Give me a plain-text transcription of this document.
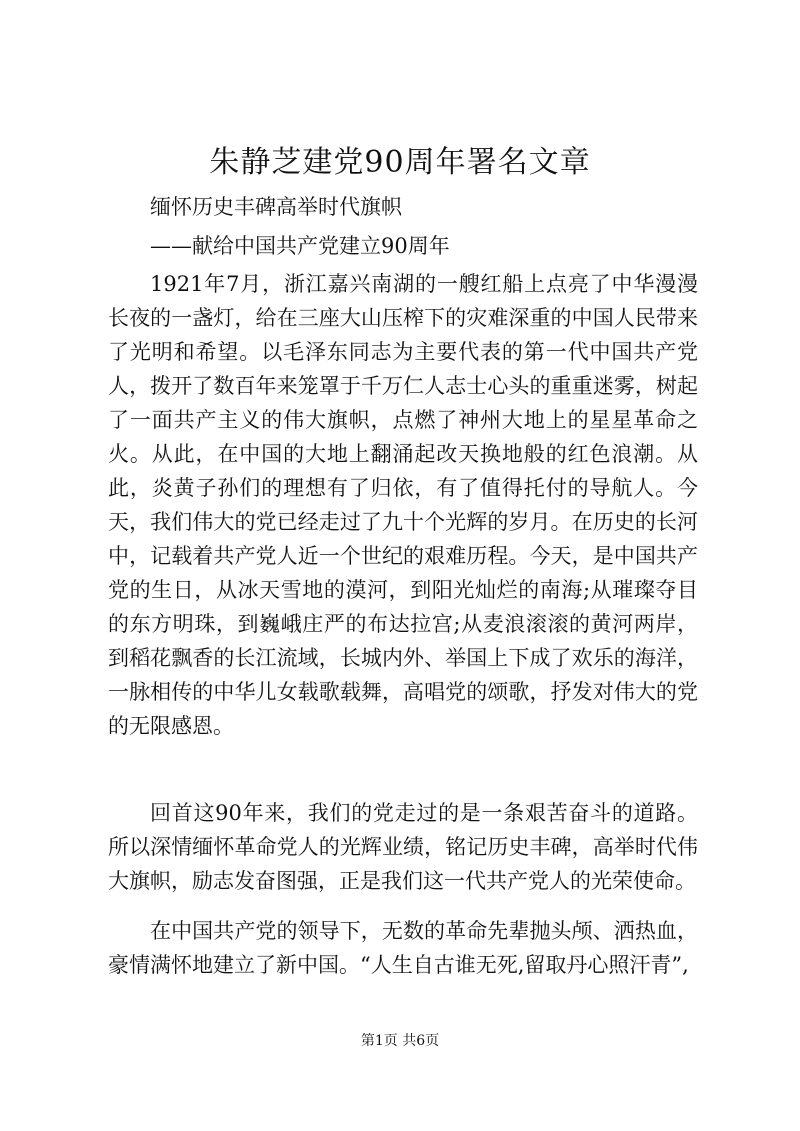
朱静芝建党90周年署名文章

缅怀历史丰碑高举时代旗帜

——献给中国共产党建立90周年

1921年7月，浙江嘉兴南湖的一艘红船上点亮了中华漫漫长夜的一盏灯，给在三座大山压榨下的灾难深重的中国人民带来了光明和希望。以毛泽东同志为主要代表的第一代中国共产党人，拨开了数百年来笼罩于千万仁人志士心头的重重迷雾，树起了一面共产主义的伟大旗帜，点燃了神州大地上的星星革命之火。从此，在中国的大地上翻涌起改天换地般的红色浪潮。从此，炎黄子孙们的理想有了归依，有了值得托付的导航人。今天，我们伟大的党已经走过了九十个光辉的岁月。在历史的长河中，记载着共产党人近一个世纪的艰难历程。今天，是中国共产党的生日，从冰天雪地的漠河，到阳光灿烂的南海;从璀璨夺目的东方明珠，到巍峨庄严的布达拉宫;从麦浪滚滚的黄河两岸，到稻花飘香的长江流域，长城内外、举国上下成了欢乐的海洋，一脉相传的中华儿女载歌载舞，高唱党的颂歌，抒发对伟大的党的无限感恩。

回首这90年来，我们的党走过的是一条艰苦奋斗的道路。所以深情缅怀革命党人的光辉业绩，铭记历史丰碑，高举时代伟大旗帜，励志发奋图强，正是我们这一代共产党人的光荣使命。

在中国共产党的领导下，无数的革命先辈抛头颅、洒热血，豪情满怀地建立了新中国。“人生自古谁无死,留取丹心照汗青”,

第1页 共6页
